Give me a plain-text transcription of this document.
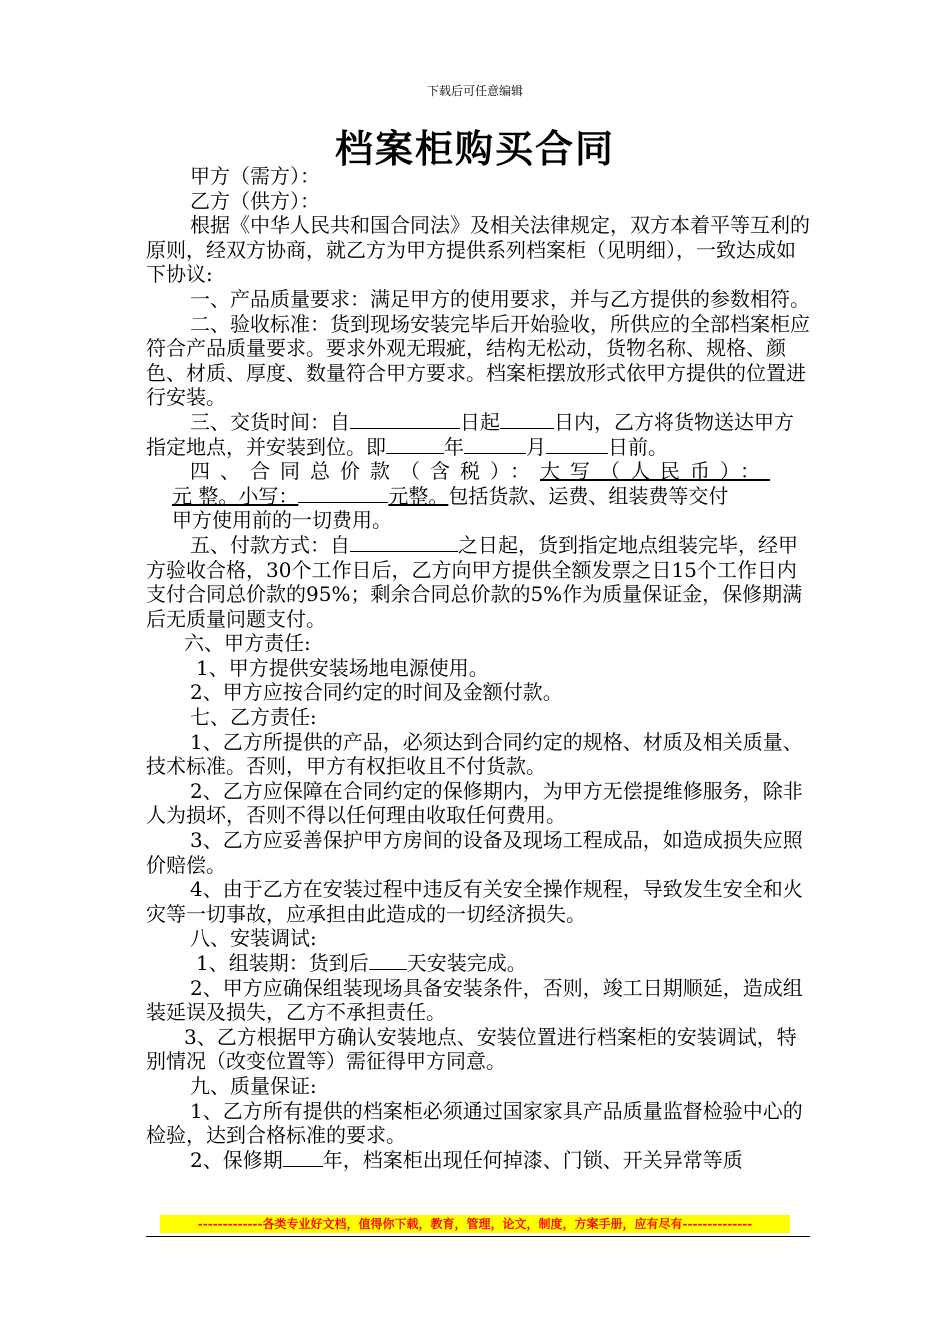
下载后可任意编辑
档案柜购买合同

甲方（需方）：

乙方（供方）：

根据《中华人民共和国合同法》及相关法律规定，双方本着平等互利的原则，经双方协商，就乙方为甲方提供系列档案柜（见明细），一致达成如下协议:

一、产品质量要求：满足甲方的使用要求，并与乙方提供的参数相符。

二、验收标准：货到现场安装完毕后开始验收，所供应的全部档案柜应符合产品质量要求。要求外观无瑕疵，结构无松动，货物名称、规格、颜色、材质、厚度、数量符合甲方要求。档案柜摆放形式依甲方提供的位置进行安装。

三、交货时间：自	日起	日内，乙方将货物送达甲方指定地点，并安装到位。即	年	月	日前。

四、合同总价款（含税）：大写（人民币）：

元 整。小写：	元整。包括货款、运费、组装费等交付

甲方使用前的一切费用。

五、付款方式：自	之日起，货到指定地点组装完毕，经甲方验收合格，30个工作日后，乙方向甲方提供全额发票之日15个工作日内支付合同总价款的95%；剩余合同总价款的5%作为质量保证金，保修期满后无质量问题支付。

六、甲方责任:

1、甲方提供安装场地电源使用。

2、甲方应按合同约定的时间及金额付款。

七、乙方责任:

1、乙方所提供的产品，必须达到合同约定的规格、材质及相关质量、技术标准。否则，甲方有权拒收且不付货款。

2、乙方应保障在合同约定的保修期内，为甲方无偿提维修服务，除非人为损坏，否则不得以任何理由收取任何费用。

3、乙方应妥善保护甲方房间的设备及现场工程成品，如造成损失应照价赔偿。

4、由于乙方在安装过程中违反有关安全操作规程，导致发生安全和火灾等一切事故，应承担由此造成的一切经济损失。

八、安装调试:

1、组装期：货到后 天安装完成。

2、甲方应确保组装现场具备安装条件，否则，竣工日期顺延，造成组装延误及损失，乙方不承担责任。

3、乙方根据甲方确认安装地点、安装位置进行档案柜的安装调试，特别情况（改变位置等）需征得甲方同意。

九、质量保证:

1、乙方所有提供的档案柜必须通过国家家具产品质量监督检验中心的检验，达到合格标准的要求。

2、保修期 年，档案柜出现任何掉漆、门锁、开关异常等质

-------------各类专业好文档，值得你下载，教育，管理，论文，制度，方案手册，应有尽有--------------
